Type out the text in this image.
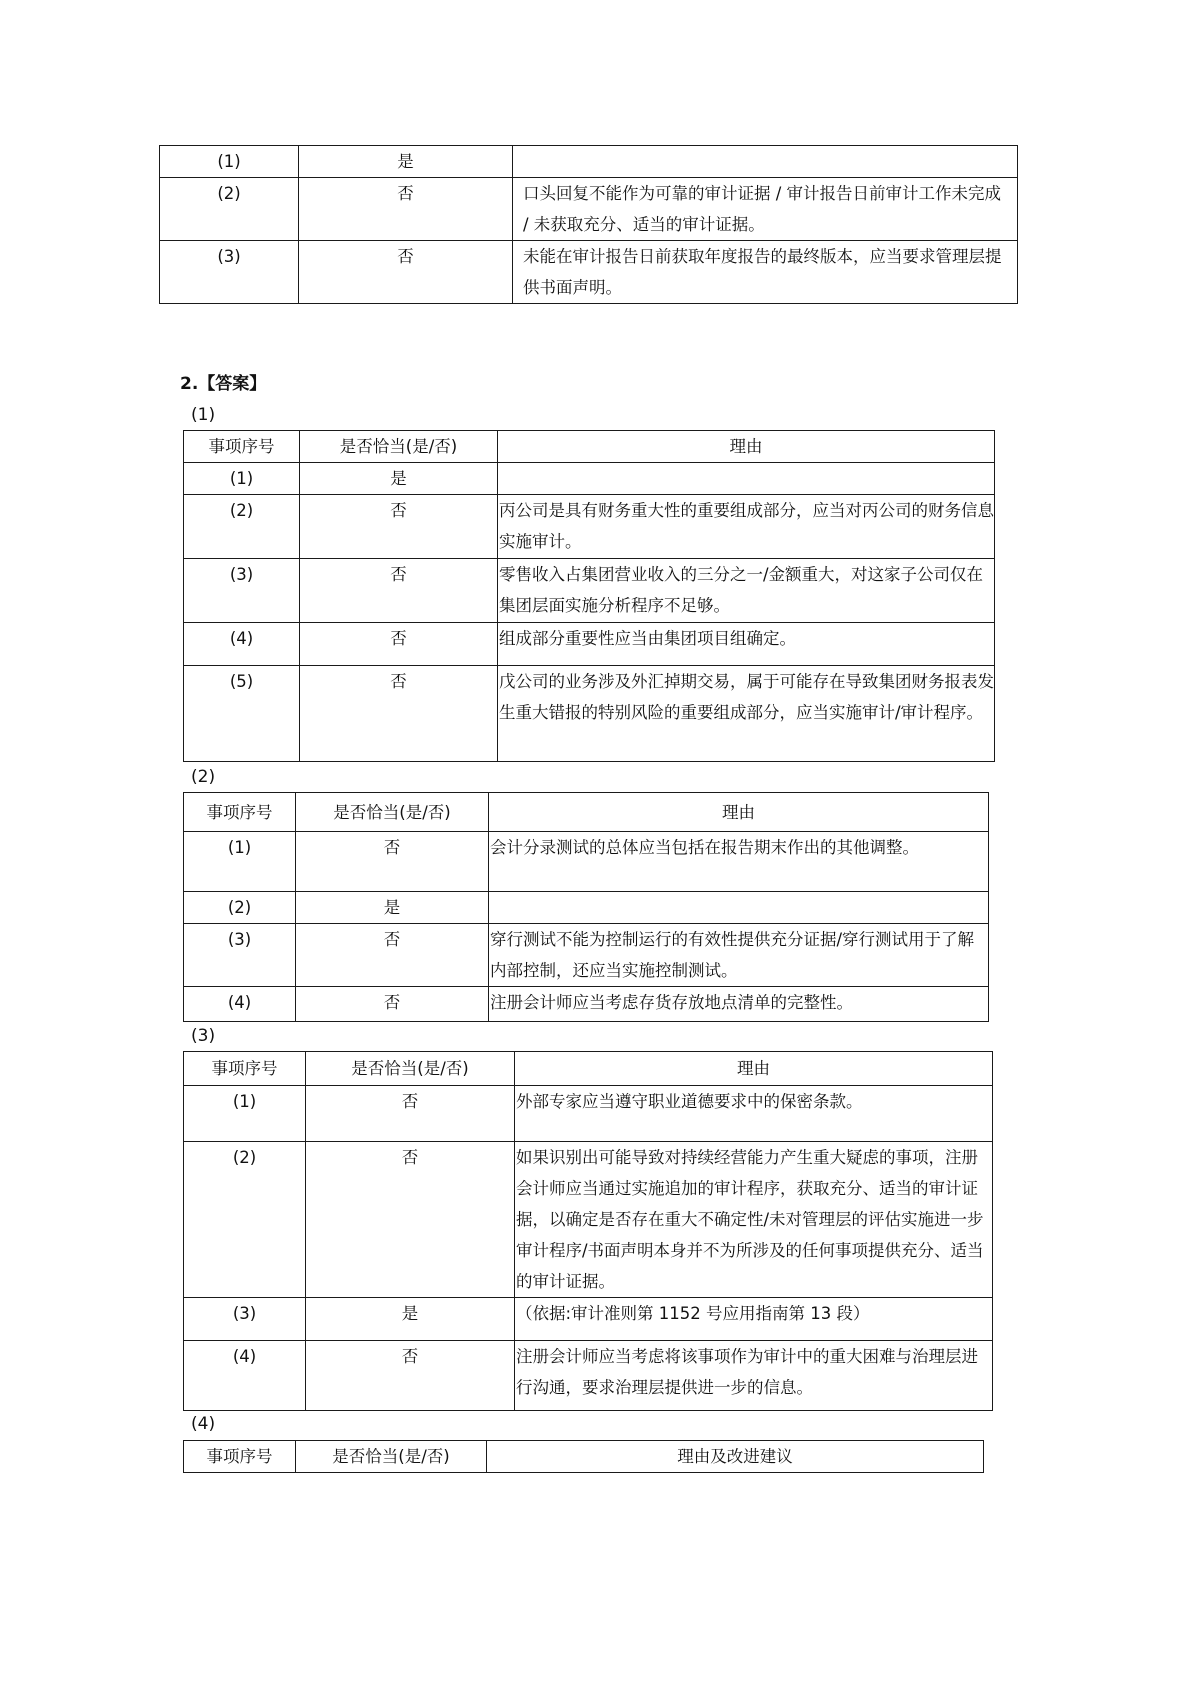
(1)	是	
(2)	否	口头回复不能作为可靠的审计证据 / 审计报告日前审计工作未完成 / 未获取充分、适当的审计证据。
(3)	否	未能在审计报告日前获取年度报告的最终版本，应当要求管理层提供书面声明。
2.【答案】
(1)
事项序号	是否恰当(是/否)	理由
(1)	是	
(2)	否	丙公司是具有财务重大性的重要组成部分，应当对丙公司的财务信息实施审计。
(3)	否	零售收入占集团营业收入的三分之一/金额重大，对这家子公司仅在集团层面实施分析程序不足够。
(4)	否	组成部分重要性应当由集团项目组确定。
(5)	否	戊公司的业务涉及外汇掉期交易，属于可能存在导致集团财务报表发生重大错报的特别风险的重要组成部分，应当实施审计/审计程序。
(2)
事项序号	是否恰当(是/否)	理由
(1)	否	会计分录测试的总体应当包括在报告期末作出的其他调整。
(2)	是	
(3)	否	穿行测试不能为控制运行的有效性提供充分证据/穿行测试用于了解内部控制，还应当实施控制测试。
(4)	否	注册会计师应当考虑存货存放地点清单的完整性。
(3)
事项序号	是否恰当(是/否)	理由
(1)	否	外部专家应当遵守职业道德要求中的保密条款。
(2)	否	如果识别出可能导致对持续经营能力产生重大疑虑的事项，注册会计师应当通过实施追加的审计程序，获取充分、适当的审计证据，以确定是否存在重大不确定性/未对管理层的评估实施进一步审计程序/书面声明本身并不为所涉及的任何事项提供充分、适当的审计证据。
(3)	是	（依据:审计准则第 1152 号应用指南第 13 段）
(4)	否	注册会计师应当考虑将该事项作为审计中的重大困难与治理层进行沟通，要求治理层提供进一步的信息。
(4)
事项序号	是否恰当(是/否)	理由及改进建议
